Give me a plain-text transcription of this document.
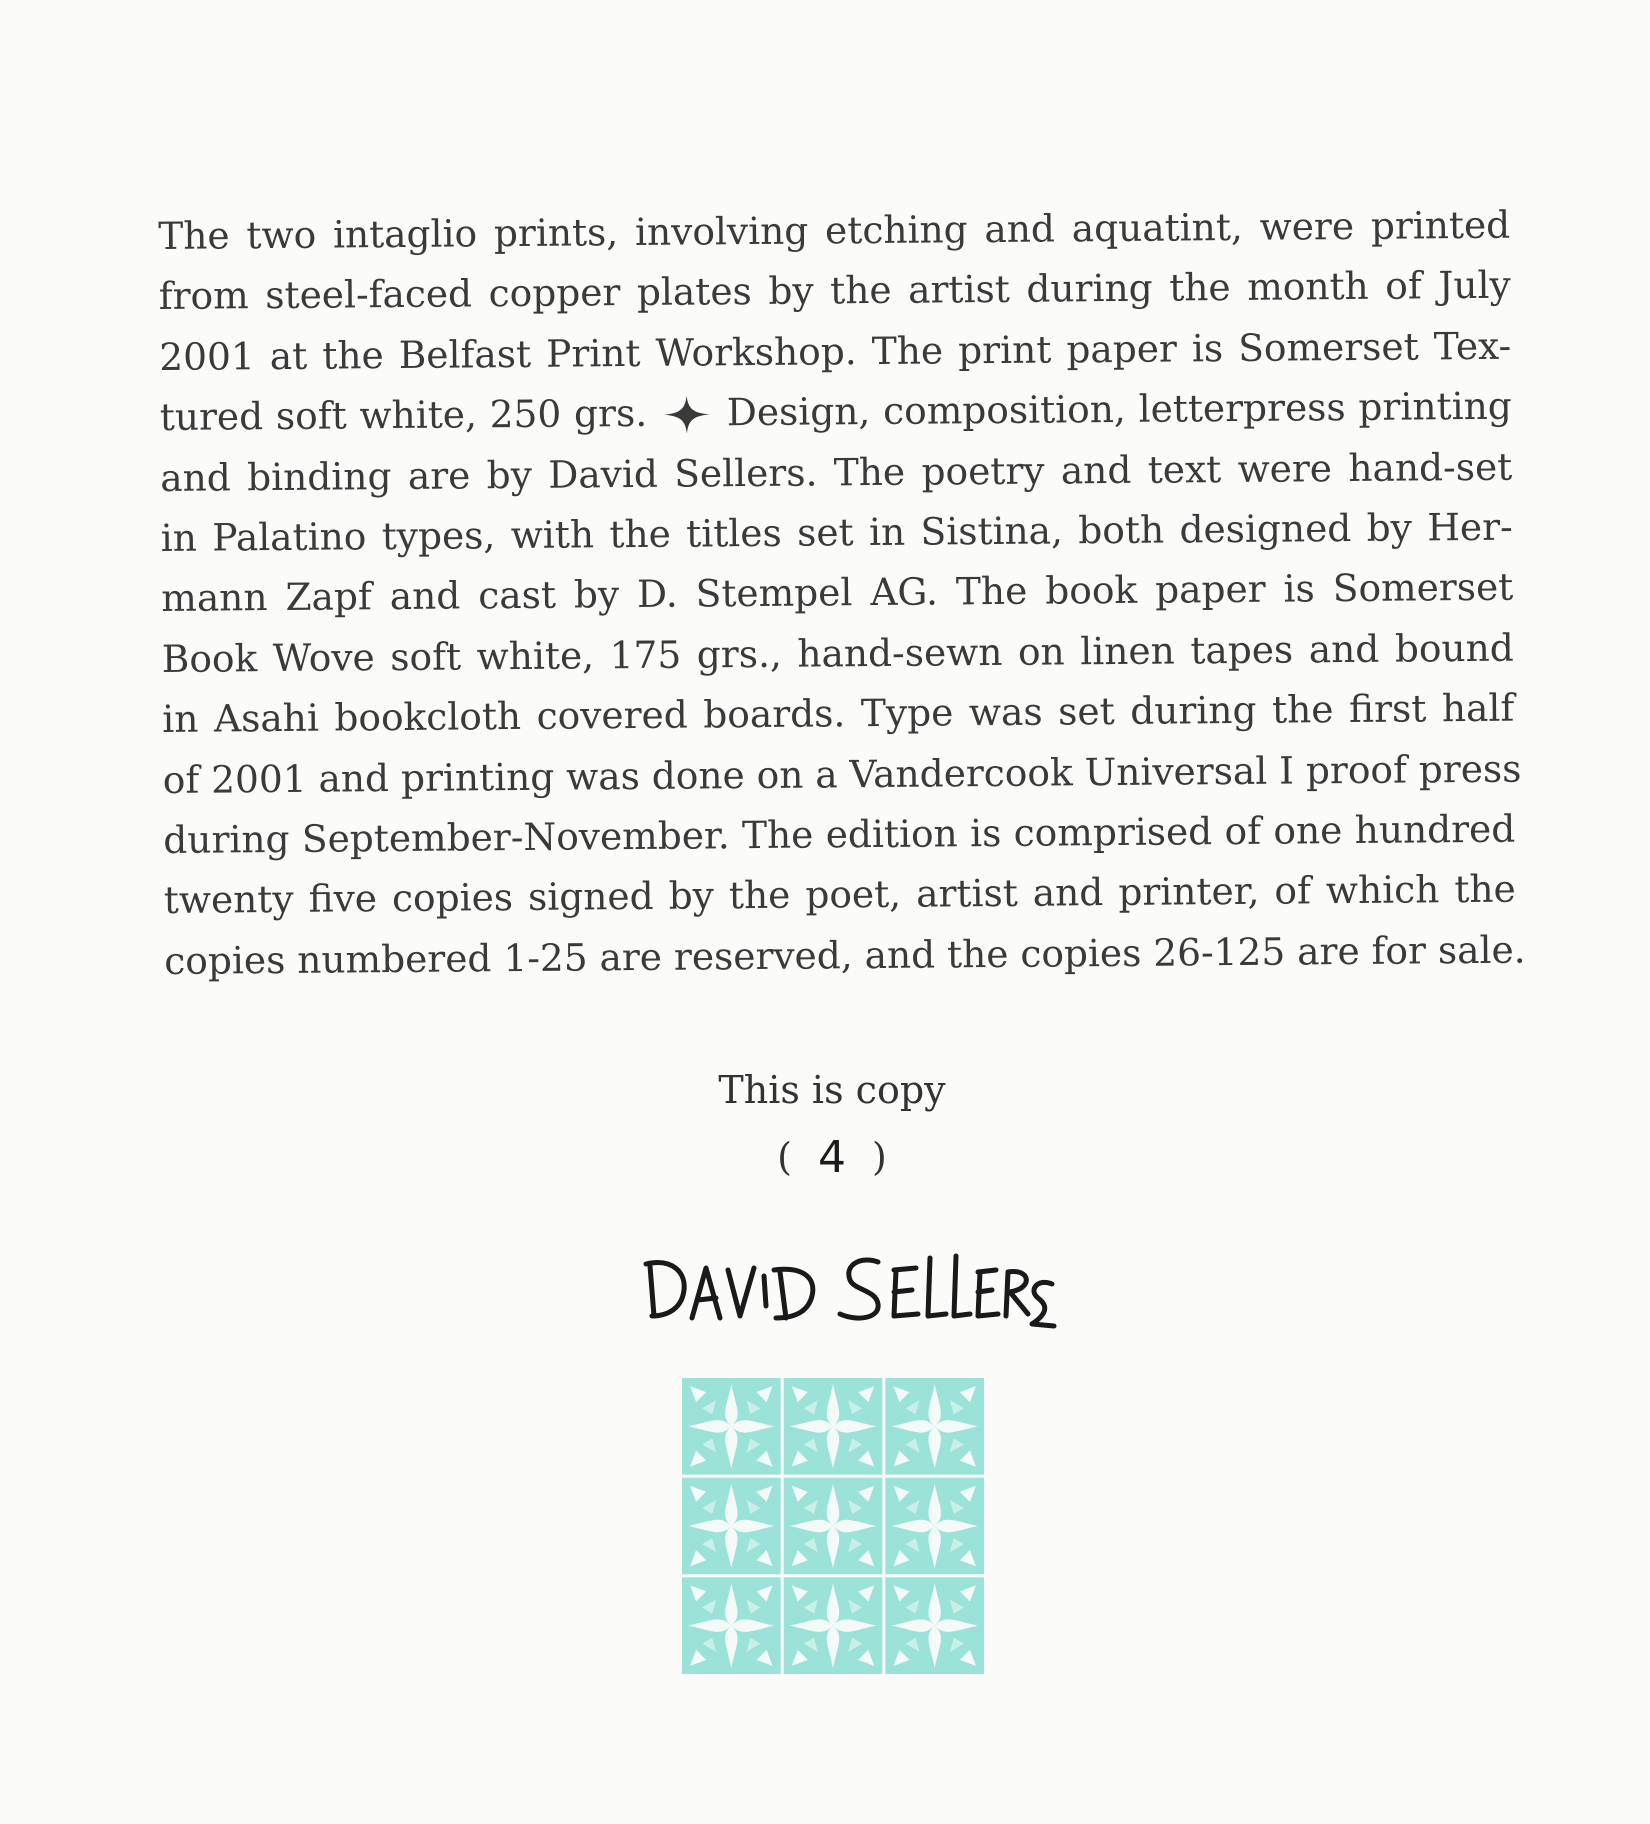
The two intaglio prints, involving etching and aquatint, were printed
from steel-faced copper plates by the artist during the month of July
2001 at the Belfast Print Workshop. The print paper is Somerset Tex-
tured soft white, 250 grs. Design, composition, letterpress printing
and binding are by David Sellers. The poetry and text were hand-set
in Palatino types, with the titles set in Sistina, both designed by Her-
mann Zapf and cast by D. Stempel AG. The book paper is Somerset
Book Wove soft white, 175 grs., hand-sewn on linen tapes and bound
in Asahi bookcloth covered boards. Type was set during the first half
of 2001 and printing was done on a Vandercook Universal I proof press
during September-November. The edition is comprised of one hundred
twenty five copies signed by the poet, artist and printer, of which the
copies numbered 1-25 are reserved, and the copies 26-125 are for sale.
This is copy
( 4 )
